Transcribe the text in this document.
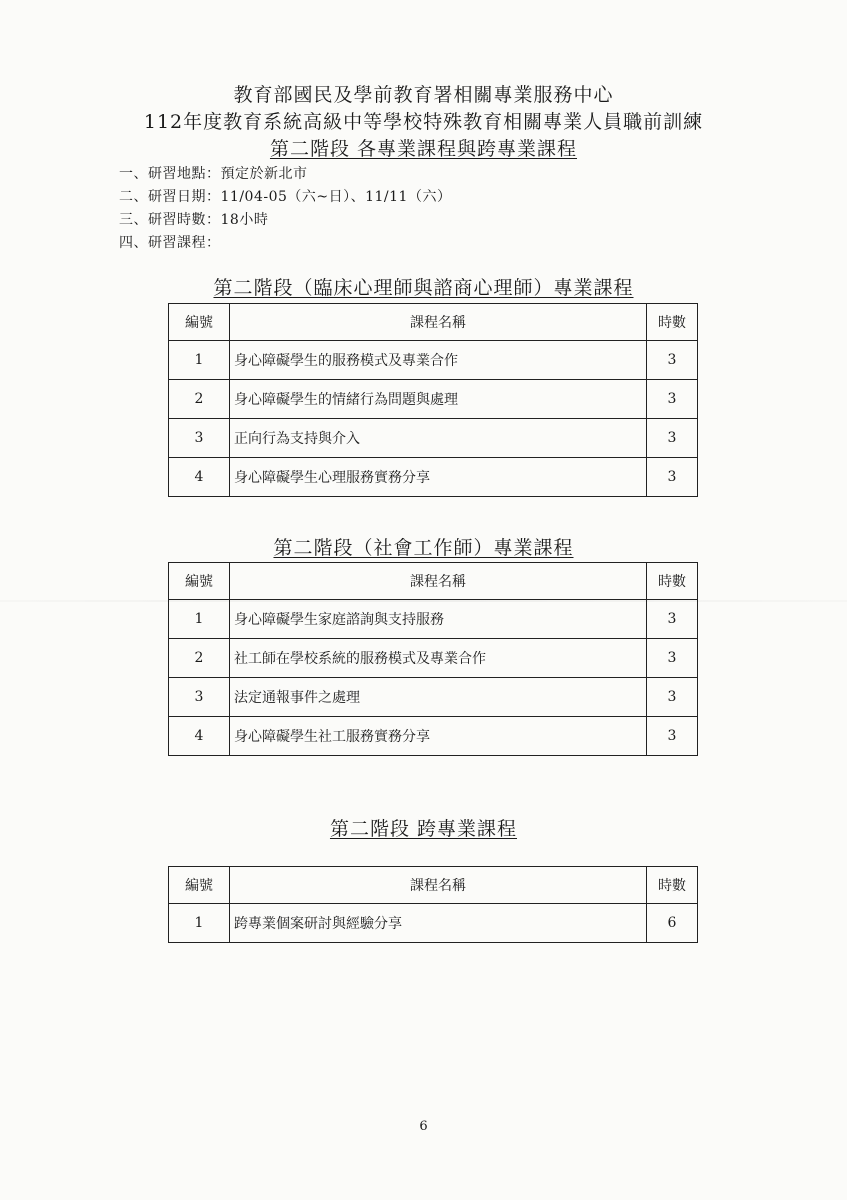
教育部國民及學前教育署相關專業服務中心
112年度教育系統高級中等學校特殊教育相關專業人員職前訓練
第二階段 各專業課程與跨專業課程
一、研習地點：預定於新北市
二、研習日期：11/04-05（六~日）、11/11（六）
三、研習時數：18小時
四、研習課程：
第二階段（臨床心理師與諮商心理師）專業課程
編號	課程名稱	時數
1	身心障礙學生的服務模式及專業合作	3
2	身心障礙學生的情緒行為問題與處理	3
3	正向行為支持與介入	3
4	身心障礙學生心理服務實務分享	3
第二階段（社會工作師）專業課程
編號	課程名稱	時數
1	身心障礙學生家庭諮詢與支持服務	3
2	社工師在學校系統的服務模式及專業合作	3
3	法定通報事件之處理	3
4	身心障礙學生社工服務實務分享	3
第二階段 跨專業課程
編號	課程名稱	時數
1	跨專業個案研討與經驗分享	6
6
